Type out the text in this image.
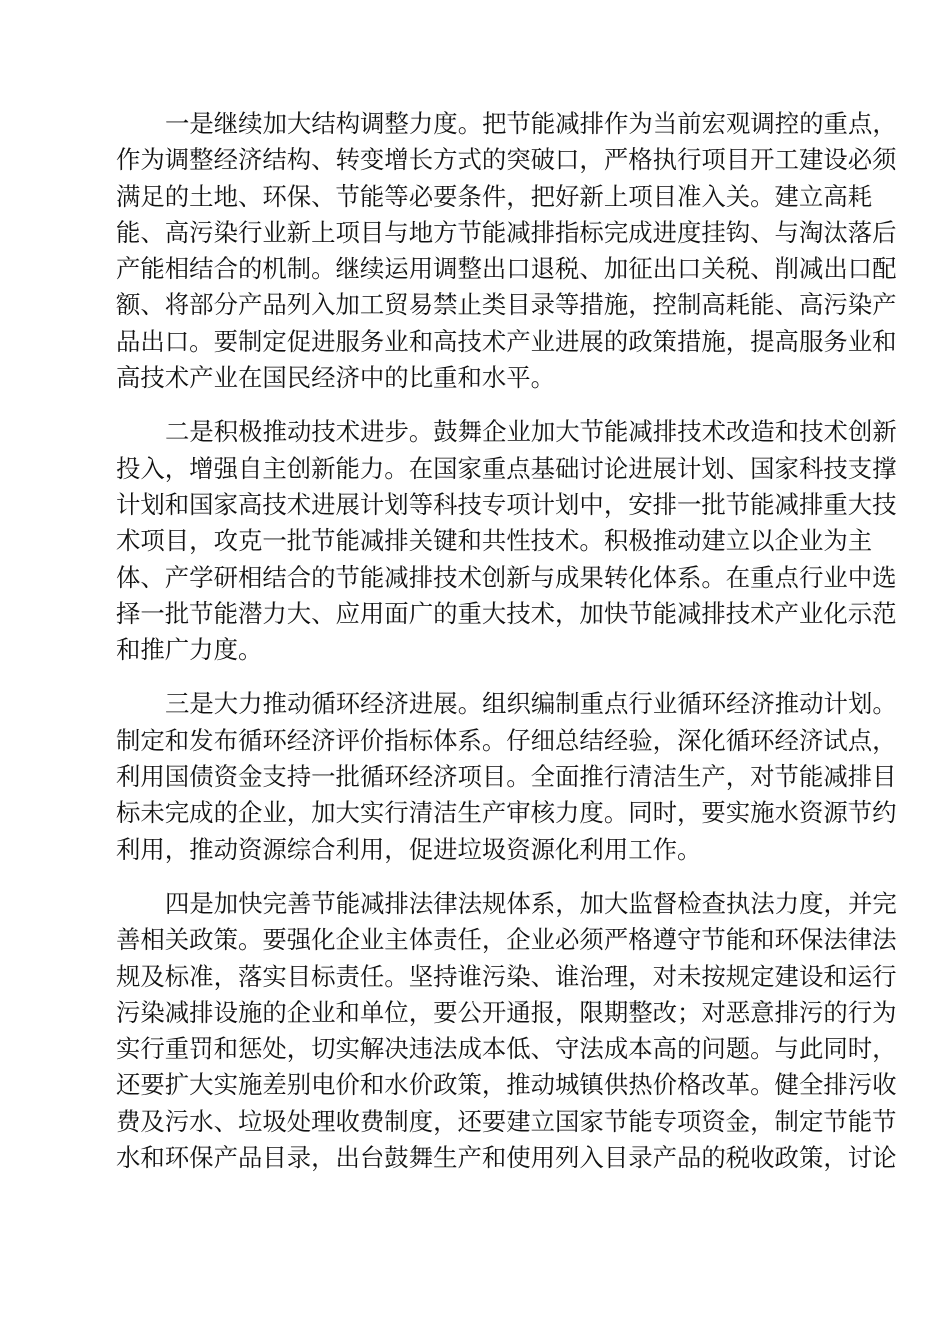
一是继续加大结构调整力度。把节能减排作为当前宏观调控的重点，
作为调整经济结构、转变增长方式的突破口，严格执行项目开工建设必须
满足的土地、环保、节能等必要条件，把好新上项目准入关。建立高耗
能、高污染行业新上项目与地方节能减排指标完成进度挂钩、与淘汰落后
产能相结合的机制。继续运用调整出口退税、加征出口关税、削减出口配
额、将部分产品列入加工贸易禁止类目录等措施，控制高耗能、高污染产
品出口。要制定促进服务业和高技术产业进展的政策措施，提高服务业和
高技术产业在国民经济中的比重和水平。

二是积极推动技术进步。鼓舞企业加大节能减排技术改造和技术创新
投入，增强自主创新能力。在国家重点基础讨论进展计划、国家科技支撑
计划和国家高技术进展计划等科技专项计划中，安排一批节能减排重大技
术项目，攻克一批节能减排关键和共性技术。积极推动建立以企业为主
体、产学研相结合的节能减排技术创新与成果转化体系。在重点行业中选
择一批节能潜力大、应用面广的重大技术，加快节能减排技术产业化示范
和推广力度。

三是大力推动循环经济进展。组织编制重点行业循环经济推动计划。
制定和发布循环经济评价指标体系。仔细总结经验，深化循环经济试点，
利用国债资金支持一批循环经济项目。全面推行清洁生产，对节能减排目
标未完成的企业，加大实行清洁生产审核力度。同时，要实施水资源节约
利用，推动资源综合利用，促进垃圾资源化利用工作。

四是加快完善节能减排法律法规体系，加大监督检查执法力度，并完
善相关政策。要强化企业主体责任，企业必须严格遵守节能和环保法律法
规及标准，落实目标责任。坚持谁污染、谁治理，对未按规定建设和运行
污染减排设施的企业和单位，要公开通报，限期整改；对恶意排污的行为
实行重罚和惩处，切实解决违法成本低、守法成本高的问题。与此同时，
还要扩大实施差别电价和水价政策，推动城镇供热价格改革。健全排污收
费及污水、垃圾处理收费制度，还要建立国家节能专项资金，制定节能节
水和环保产品目录，出台鼓舞生产和使用列入目录产品的税收政策，讨论
